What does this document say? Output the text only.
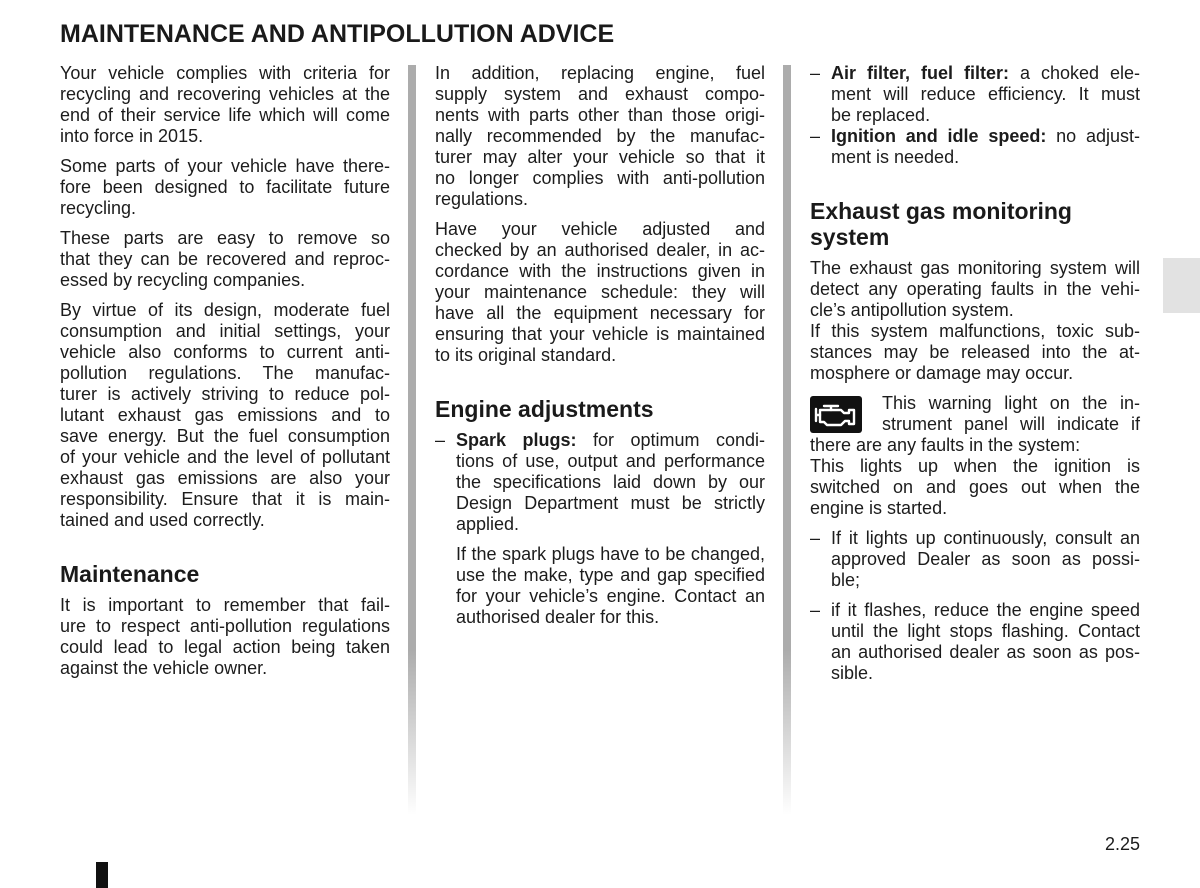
MAINTENANCE AND ANTIPOLLUTION ADVICE
Your vehicle complies with criteria for
recycling and recovering vehicles at the
end of their service life which will come
into force in 2015.
Some parts of your vehicle have there-
fore been designed to facilitate future
recycling.
These parts are easy to remove so
that they can be recovered and reproc-
essed by recycling companies.
By virtue of its design, moderate fuel
consumption and initial settings, your
vehicle also conforms to current anti-
pollution regulations. The manufac-
turer is actively striving to reduce pol-
lutant exhaust gas emissions and to
save energy. But the fuel consumption
of your vehicle and the level of pollutant
exhaust gas emissions are also your
responsibility. Ensure that it is main-
tained and used correctly.
Maintenance
It is important to remember that fail-
ure to respect anti-pollution regulations
could lead to legal action being taken
against the vehicle owner.
In addition, replacing engine, fuel
supply system and exhaust compo-
nents with parts other than those origi-
nally recommended by the manufac-
turer may alter your vehicle so that it
no longer complies with anti-pollution
regulations.
Have your vehicle adjusted and
checked by an authorised dealer, in ac-
cordance with the instructions given in
your maintenance schedule: they will
have all the equipment necessary for
ensuring that your vehicle is maintained
to its original standard.
Engine adjustments
– Spark plugs: for optimum condi-
tions of use, output and performance
the specifications laid down by our
Design Department must be strictly
applied.
If the spark plugs have to be changed,
use the make, type and gap specified
for your vehicle’s engine. Contact an
authorised dealer for this.
– Air filter, fuel filter: a choked ele-
ment will reduce efficiency. It must
be replaced.
– Ignition and idle speed: no adjust-
ment is needed.
Exhaust gas monitoring
system
The exhaust gas monitoring system will
detect any operating faults in the vehi-
cle’s antipollution system.
If this system malfunctions, toxic sub-
stances may be released into the at-
mosphere or damage may occur.
This warning light on the in-
strument panel will indicate if
there are any faults in the system:
This lights up when the ignition is
switched on and goes out when the
engine is started.
– If it lights up continuously, consult an
approved Dealer as soon as possi-
ble;
– if it flashes, reduce the engine speed
until the light stops flashing. Contact
an authorised dealer as soon as pos-
sible.
2.25
